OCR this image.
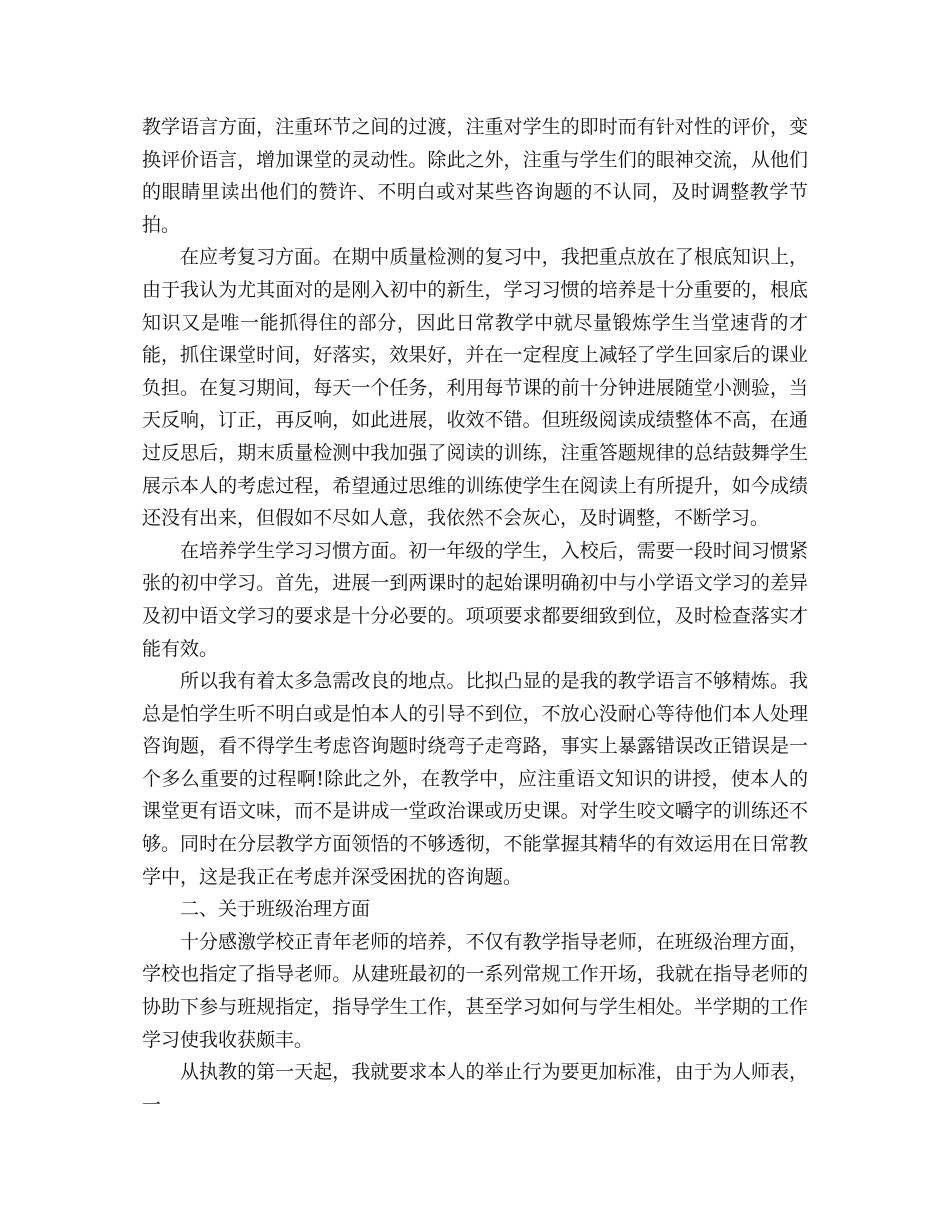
教学语言方面，注重环节之间的过渡，注重对学生的即时而有针对性的评价，变换评价语言，增加课堂的灵动性。除此之外，注重与学生们的眼神交流，从他们的眼睛里读出他们的赞许、不明白或对某些咨询题的不认同，及时调整教学节拍。

在应考复习方面。在期中质量检测的复习中，我把重点放在了根底知识上，由于我认为尤其面对的是刚入初中的新生，学习习惯的培养是十分重要的，根底知识又是唯一能抓得住的部分，因此日常教学中就尽量锻炼学生当堂速背的才能，抓住课堂时间，好落实，效果好，并在一定程度上减轻了学生回家后的课业负担。在复习期间，每天一个任务，利用每节课的前十分钟进展随堂小测验，当天反响，订正，再反响，如此进展，收效不错。但班级阅读成绩整体不高，在通过反思后，期末质量检测中我加强了阅读的训练，注重答题规律的总结鼓舞学生展示本人的考虑过程，希望通过思维的训练使学生在阅读上有所提升，如今成绩还没有出来，但假如不尽如人意，我依然不会灰心，及时调整，不断学习。

在培养学生学习习惯方面。初一年级的学生，入校后，需要一段时间习惯紧张的初中学习。首先，进展一到两课时的起始课明确初中与小学语文学习的差异及初中语文学习的要求是十分必要的。项项要求都要细致到位，及时检查落实才能有效。

所以我有着太多急需改良的地点。比拟凸显的是我的教学语言不够精炼。我总是怕学生听不明白或是怕本人的引导不到位，不放心没耐心等待他们本人处理咨询题，看不得学生考虑咨询题时绕弯子走弯路，事实上暴露错误改正错误是一个多么重要的过程啊!除此之外，在教学中，应注重语文知识的讲授，使本人的课堂更有语文味，而不是讲成一堂政治课或历史课。对学生咬文嚼字的训练还不够。同时在分层教学方面领悟的不够透彻，不能掌握其精华的有效运用在日常教学中，这是我正在考虑并深受困扰的咨询题。

二、关于班级治理方面

十分感激学校正青年老师的培养，不仅有教学指导老师，在班级治理方面，学校也指定了指导老师。从建班最初的一系列常规工作开场，我就在指导老师的协助下参与班规指定，指导学生工作，甚至学习如何与学生相处。半学期的工作学习使我收获颇丰。

从执教的第一天起，我就要求本人的举止行为要更加标准，由于为人师表，一
